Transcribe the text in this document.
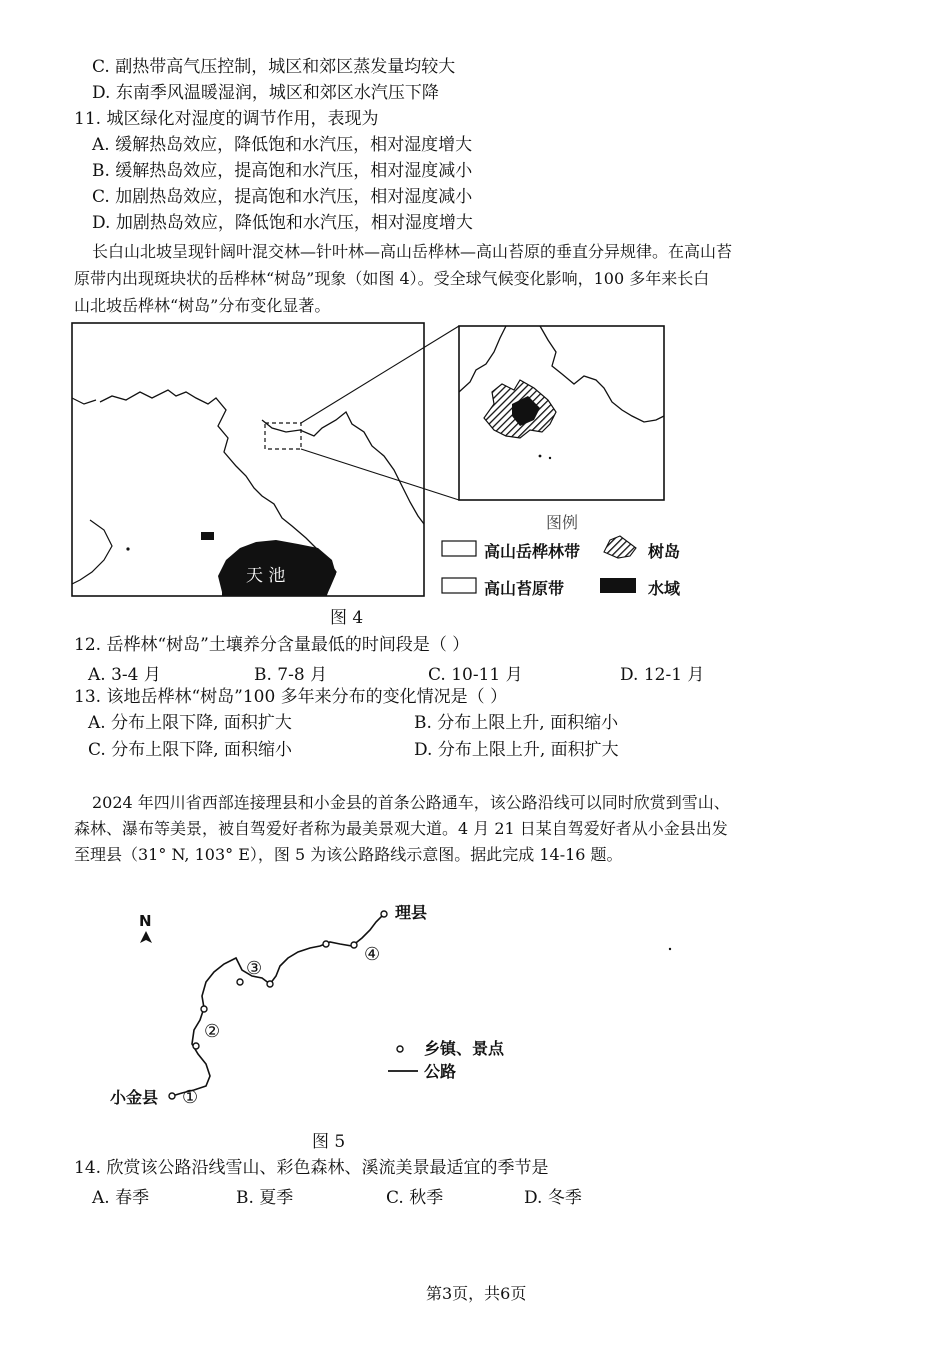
C. 副热带高气压控制，城区和郊区蒸发量均较大
D. 东南季风温暖湿润，城区和郊区水汽压下降
11. 城区绿化对湿度的调节作用，表现为
A. 缓解热岛效应，降低饱和水汽压，相对湿度增大
B. 缓解热岛效应，提高饱和水汽压，相对湿度减小
C. 加剧热岛效应，提高饱和水汽压，相对湿度减小
D. 加剧热岛效应，降低饱和水汽压，相对湿度增大
长白山北坡呈现针阔叶混交林—针叶林—高山岳桦林—高山苔原的垂直分异规律。在高山苔
原带内出现斑块状的岳桦林“树岛”现象（如图 4）。受全球气候变化影响，100 多年来长白
山北坡岳桦林“树岛”分布变化显著。
天 池
图例
高山岳桦林带	树岛
高山苔原带	水域
图 4
12. 岳桦林“树岛”土壤养分含量最低的时间段是（ ）
A. 3-4 月	B. 7-8 月	C. 10-11 月	D. 12-1 月
13. 该地岳桦林“树岛”100 多年来分布的变化情况是（ ）
A. 分布上限下降, 面积扩大	B. 分布上限上升, 面积缩小
C. 分布上限下降, 面积缩小	D. 分布上限上升, 面积扩大
2024 年四川省西部连接理县和小金县的首条公路通车，该公路沿线可以同时欣赏到雪山、
森林、瀑布等美景，被自驾爱好者称为最美景观大道。4 月 21 日某自驾爱好者从小金县出发
至理县（31° N, 103° E），图 5 为该公路路线示意图。据此完成 14-16 题。
N	理县
小金县 ①
②
③
④
乡镇、景点
公路
图 5
14. 欣赏该公路沿线雪山、彩色森林、溪流美景最适宜的季节是
A. 春季	B. 夏季	C. 秋季	D. 冬季
第3页，共6页
